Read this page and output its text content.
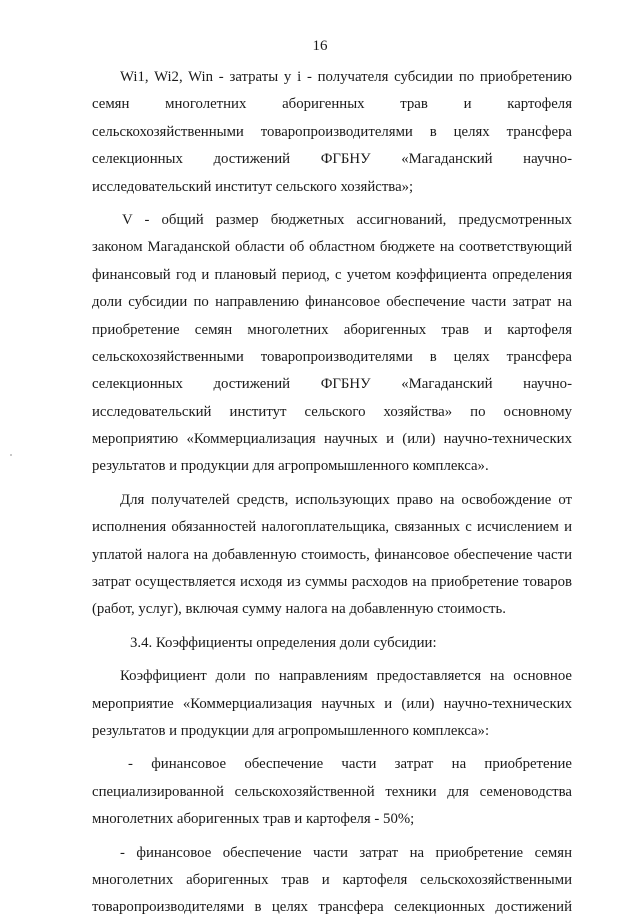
16
Wi1, Wi2, Win - затраты у i - получателя субсидии по приобретению
семян многолетних аборигенных трав и картофеля
сельскохозяйственными товаропроизводителями в целях трансфера
селекционных достижений ФГБНУ «Магаданский научно-
исследовательский институт сельского хозяйства»;
V - общий размер бюджетных ассигнований, предусмотренных
законом Магаданской области об областном бюджете на соответствующий
финансовый год и плановый период, с учетом коэффициента определения
доли субсидии по направлению финансовое обеспечение части затрат на
приобретение семян многолетних аборигенных трав и картофеля
сельскохозяйственными товаропроизводителями в целях трансфера
селекционных достижений ФГБНУ «Магаданский научно-
исследовательский институт сельского хозяйства» по основному
мероприятию «Коммерциализация научных и (или) научно-технических
результатов и продукции для агропромышленного комплекса».
Для получателей средств, использующих право на освобождение от
исполнения обязанностей налогоплательщика, связанных с исчислением и
уплатой налога на добавленную стоимость, финансовое обеспечение части
затрат осуществляется исходя из суммы расходов на приобретение товаров
(работ, услуг), включая сумму налога на добавленную стоимость.
3.4. Коэффициенты определения доли субсидии:
Коэффициент доли по направлениям предоставляется на основное
мероприятие «Коммерциализация научных и (или) научно-технических
результатов и продукции для агропромышленного комплекса»:
- финансовое обеспечение части затрат на приобретение
специализированной сельскохозяйственной техники для семеноводства
многолетних аборигенных трав и картофеля - 50%;
- финансовое обеспечение части затрат на приобретение семян
многолетних аборигенных трав и картофеля сельскохозяйственными
товаропроизводителями в целях трансфера селекционных достижений
